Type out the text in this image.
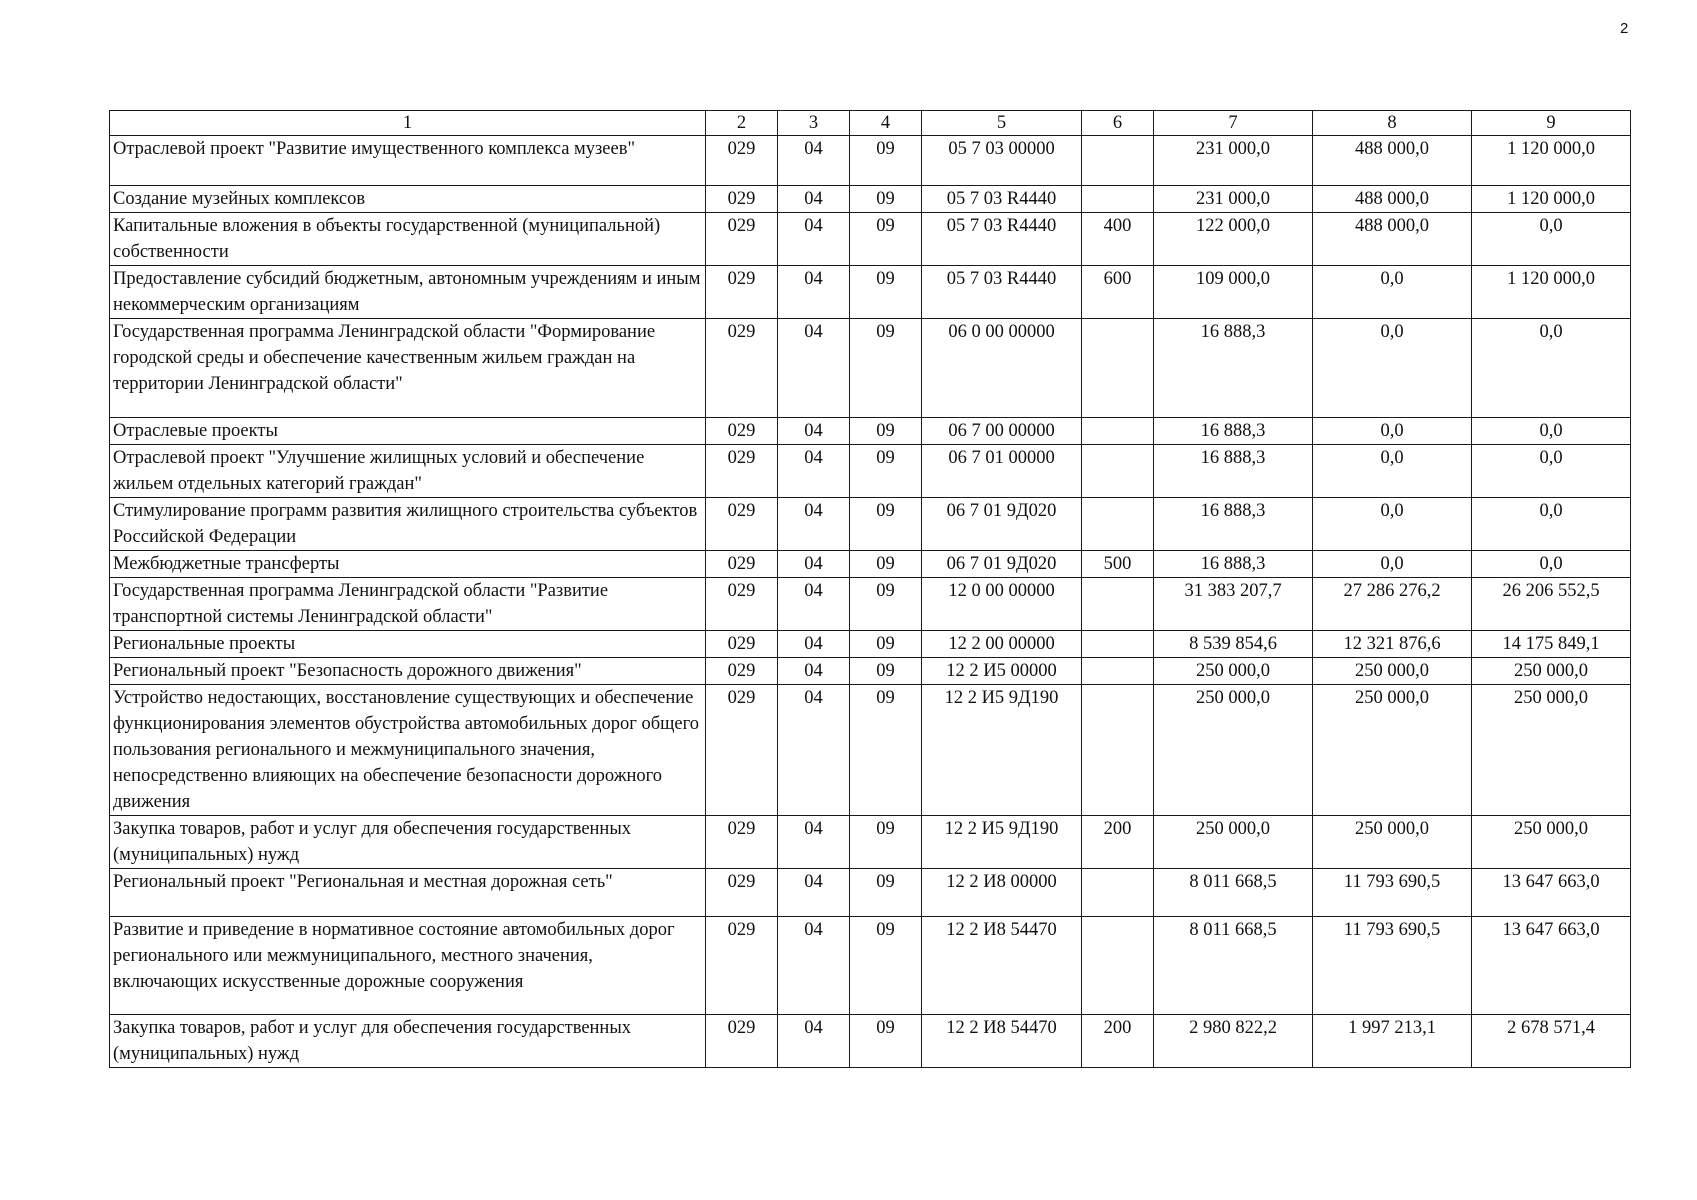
2
1	2	3	4	5	6	7	8	9
Отраслевой проект "Развитие имущественного комплекса музеев"	029	04	09	05 7 03 00000		231 000,0	488 000,0	1 120 000,0
Создание музейных комплексов	029	04	09	05 7 03 R4440		231 000,0	488 000,0	1 120 000,0
Капитальные вложения в объекты государственной (муниципальной) собственности	029	04	09	05 7 03 R4440	400	122 000,0	488 000,0	0,0
Предоставление субсидий бюджетным, автономным учреждениям и иным некоммерческим организациям	029	04	09	05 7 03 R4440	600	109 000,0	0,0	1 120 000,0
Государственная программа Ленинградской области "Формирование городской среды и обеспечение качественным жильем граждан на территории Ленинградской области"	029	04	09	06 0 00 00000		16 888,3	0,0	0,0
Отраслевые проекты	029	04	09	06 7 00 00000		16 888,3	0,0	0,0
Отраслевой проект "Улучшение жилищных условий и обеспечение жильем отдельных категорий граждан"	029	04	09	06 7 01 00000		16 888,3	0,0	0,0
Стимулирование программ развития жилищного строительства субъектов Российской Федерации	029	04	09	06 7 01 9Д020		16 888,3	0,0	0,0
Межбюджетные трансферты	029	04	09	06 7 01 9Д020	500	16 888,3	0,0	0,0
Государственная программа Ленинградской области "Развитие транспортной системы Ленинградской области"	029	04	09	12 0 00 00000		31 383 207,7	27 286 276,2	26 206 552,5
Региональные проекты	029	04	09	12 2 00 00000		8 539 854,6	12 321 876,6	14 175 849,1
Региональный проект "Безопасность дорожного движения"	029	04	09	12 2 И5 00000		250 000,0	250 000,0	250 000,0
Устройство недостающих, восстановление существующих и обеспечение функционирования элементов обустройства автомобильных дорог общего пользования регионального и межмуниципального значения, непосредственно влияющих на обеспечение безопасности дорожного движения	029	04	09	12 2 И5 9Д190		250 000,0	250 000,0	250 000,0
Закупка товаров, работ и услуг для обеспечения государственных (муниципальных) нужд	029	04	09	12 2 И5 9Д190	200	250 000,0	250 000,0	250 000,0
Региональный проект "Региональная и местная дорожная сеть"	029	04	09	12 2 И8 00000		8 011 668,5	11 793 690,5	13 647 663,0
Развитие и приведение в нормативное состояние автомобильных дорог регионального или межмуниципального, местного значения, включающих искусственные дорожные сооружения	029	04	09	12 2 И8 54470		8 011 668,5	11 793 690,5	13 647 663,0
Закупка товаров, работ и услуг для обеспечения государственных (муниципальных) нужд	029	04	09	12 2 И8 54470	200	2 980 822,2	1 997 213,1	2 678 571,4
